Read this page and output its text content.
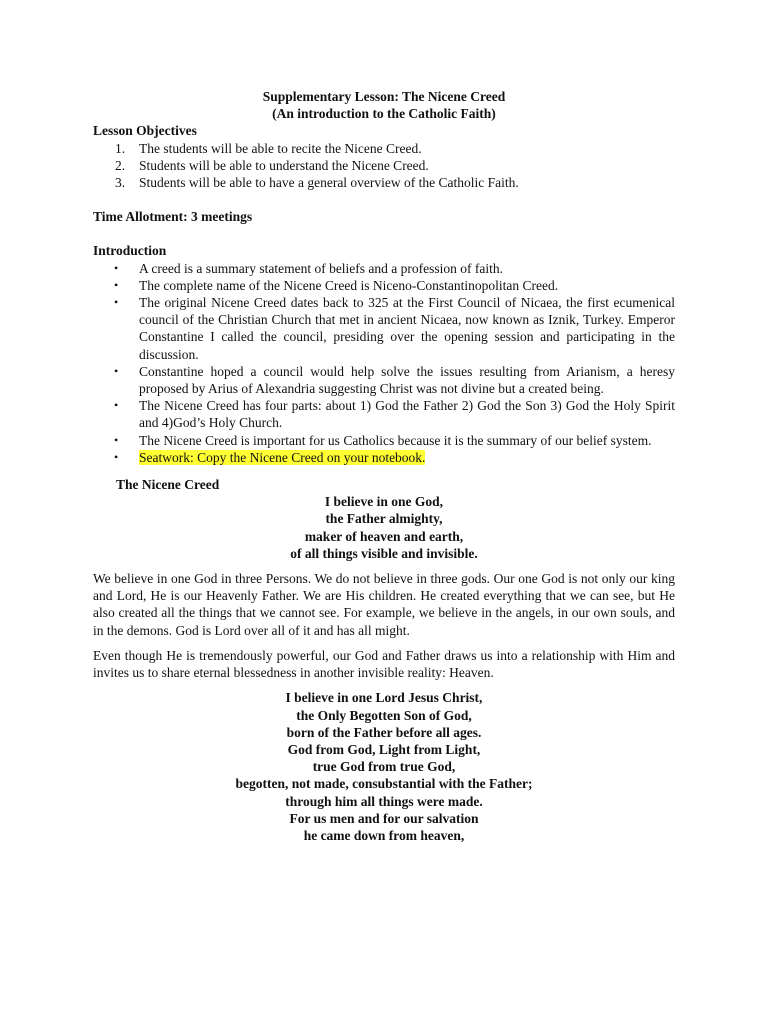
Supplementary Lesson: The Nicene Creed
(An introduction to the Catholic Faith)
Lesson Objectives
1. The students will be able to recite the Nicene Creed.
2. Students will be able to understand the Nicene Creed.
3. Students will be able to have a general overview of the Catholic Faith.
Time Allotment: 3 meetings
Introduction
• A creed is a summary statement of beliefs and a profession of faith.
• The complete name of the Nicene Creed is Niceno-Constantinopolitan Creed.
• The original Nicene Creed dates back to 325 at the First Council of Nicaea, the first ecumenical council of the Christian Church that met in ancient Nicaea, now known as Iznik, Turkey. Emperor Constantine I called the council, presiding over the opening session and participating in the discussion.
• Constantine hoped a council would help solve the issues resulting from Arianism, a heresy proposed by Arius of Alexandria suggesting Christ was not divine but a created being.
• The Nicene Creed has four parts: about 1) God the Father 2) God the Son 3) God the Holy Spirit and 4)God’s Holy Church.
• The Nicene Creed is important for us Catholics because it is the summary of our belief system.
• Seatwork: Copy the Nicene Creed on your notebook.
The Nicene Creed
I believe in one God,
the Father almighty,
maker of heaven and earth,
of all things visible and invisible.

We believe in one God in three Persons. We do not believe in three gods. Our one God is not only our king and Lord, He is our Heavenly Father. We are His children. He created everything that we can see, but He also created all the things that we cannot see. For example, we believe in the angels, in our own souls, and in the demons. God is Lord over all of it and has all might.

Even though He is tremendously powerful, our God and Father draws us into a relationship with Him and invites us to share eternal blessedness in another invisible reality: Heaven.

I believe in one Lord Jesus Christ,
the Only Begotten Son of God,
born of the Father before all ages.
God from God, Light from Light,
true God from true God,
begotten, not made, consubstantial with the Father;
through him all things were made.
For us men and for our salvation
he came down from heaven,
